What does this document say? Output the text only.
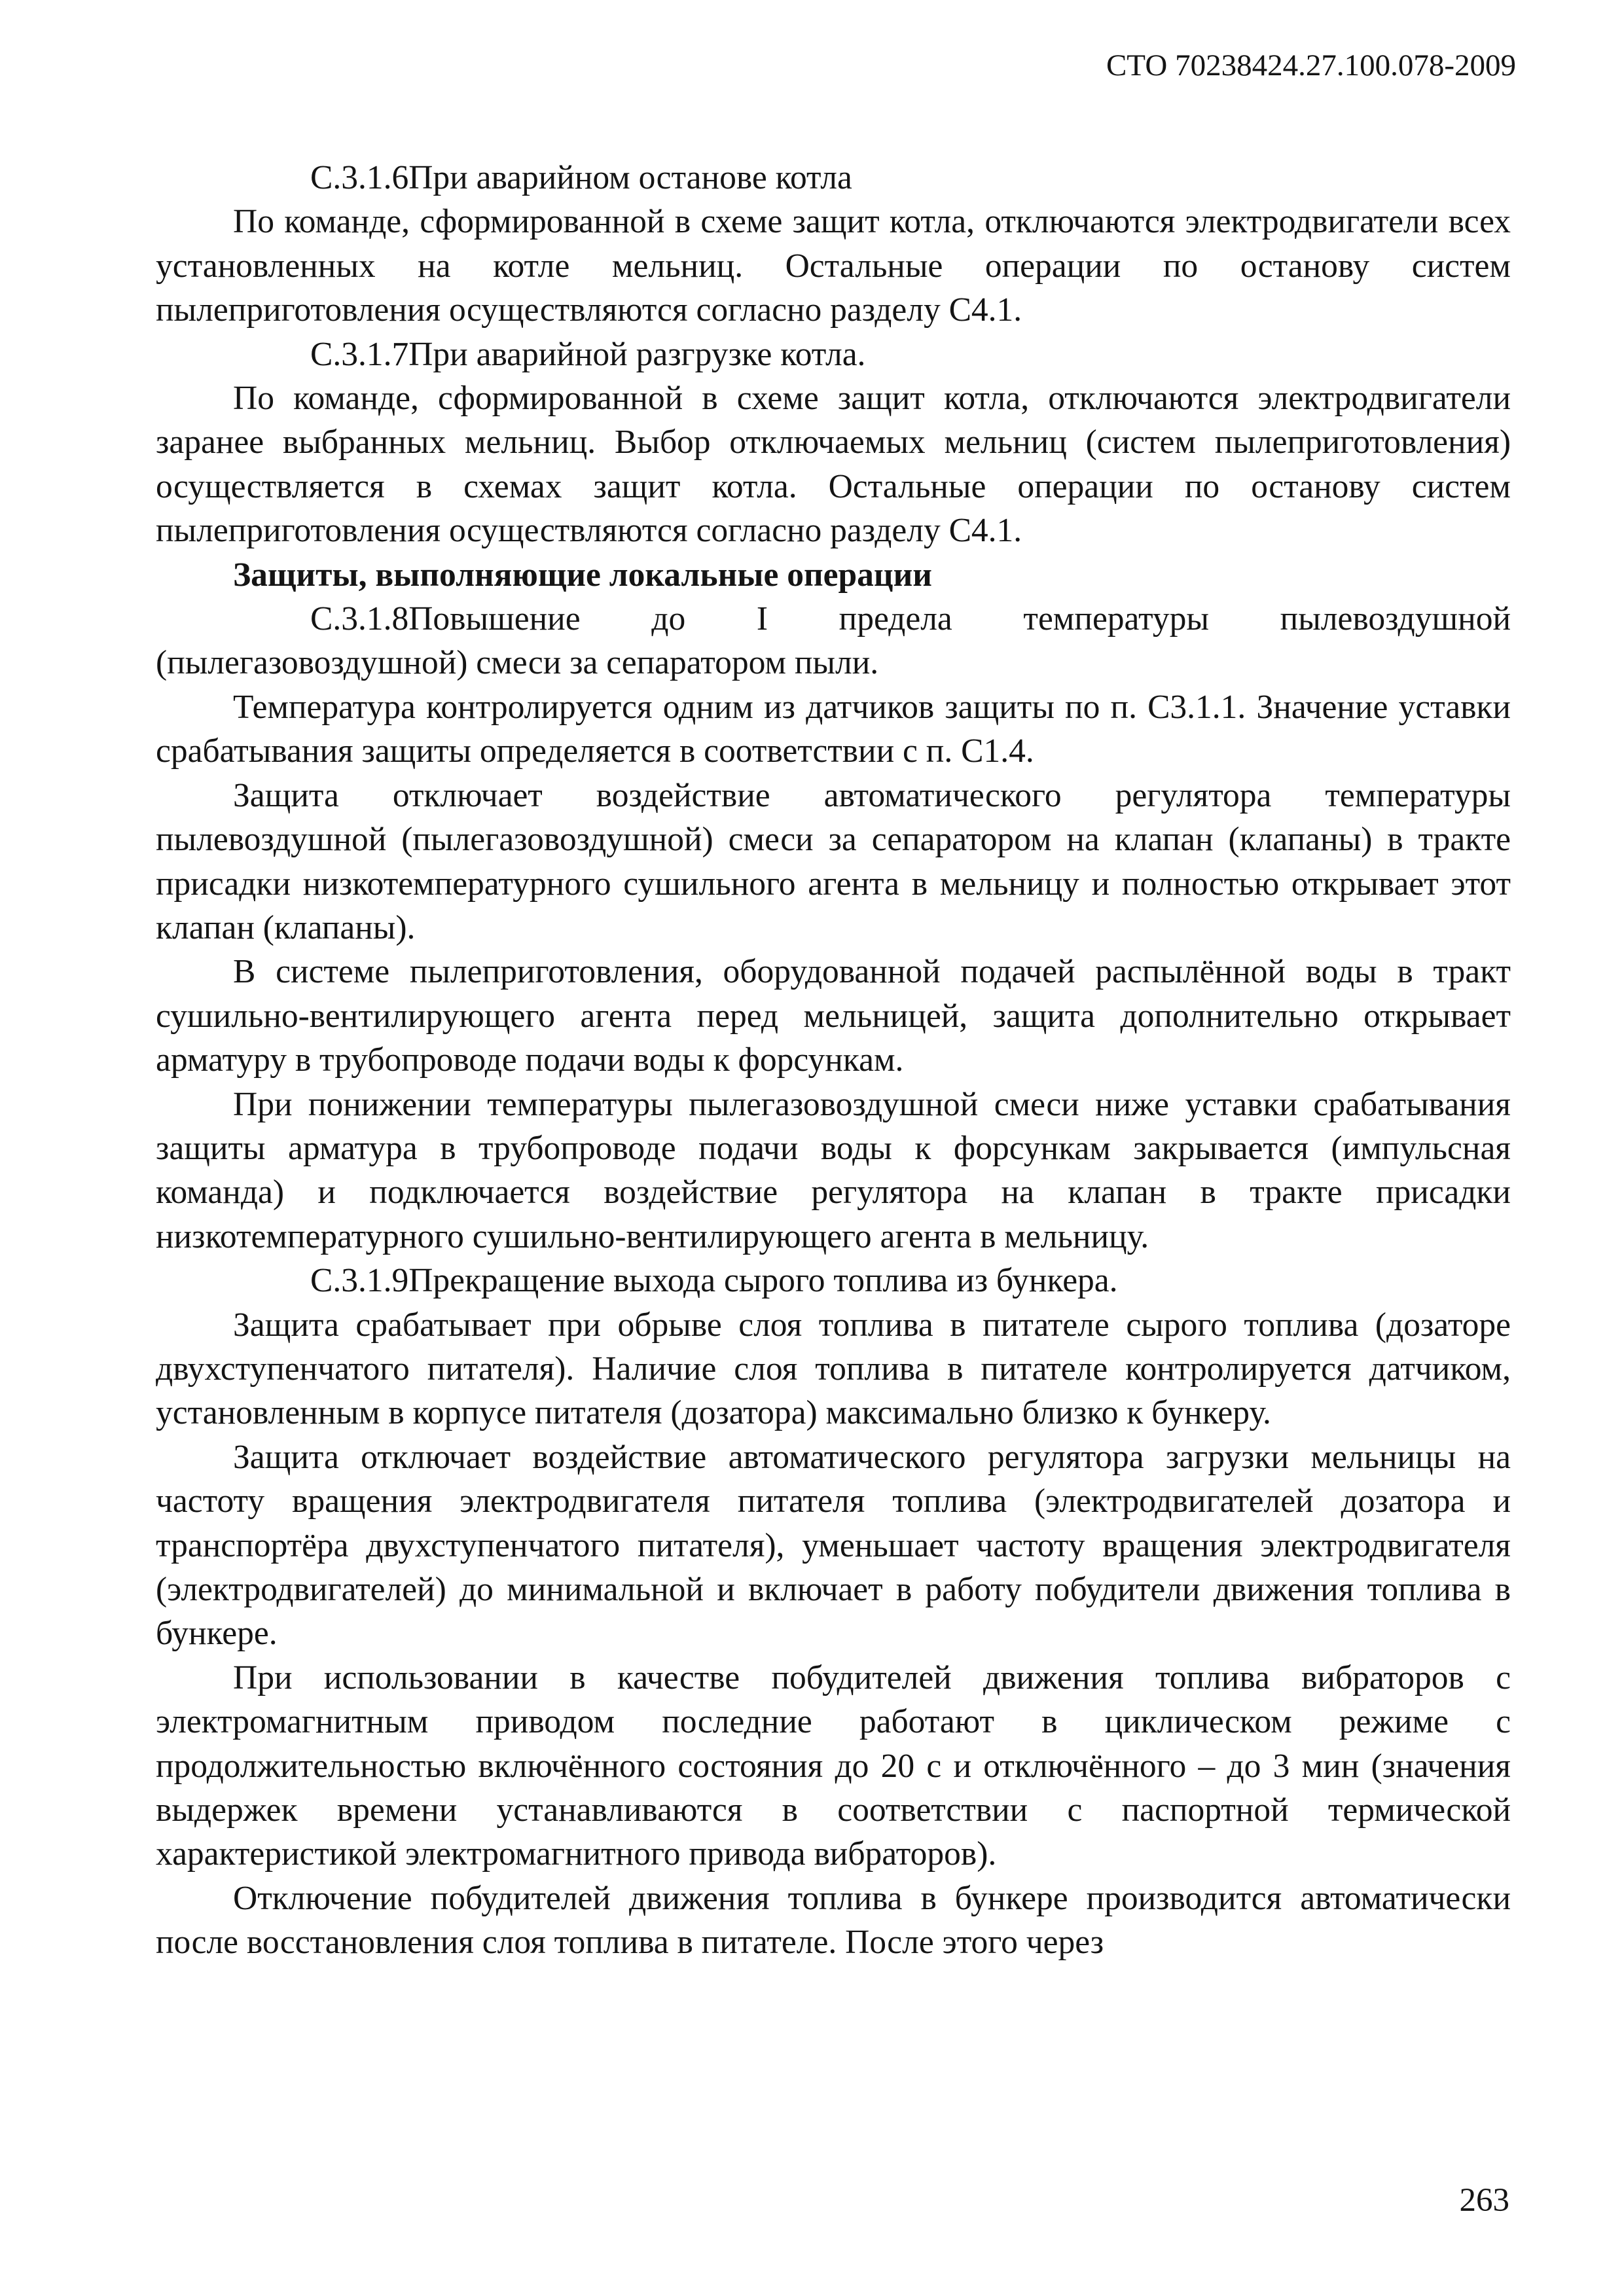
СТО 70238424.27.100.078-2009

С.3.1.6При аварийном останове котла

По команде, сформированной в схеме защит котла, отключаются электродвигатели всех установленных на котле мельниц. Остальные операции по останову систем пылеприготовления осуществляются согласно разделу С4.1.

С.3.1.7При аварийной разгрузке котла.

По команде, сформированной в схеме защит котла, отключаются электродвигатели заранее выбранных мельниц. Выбор отключаемых мельниц (систем пылеприготовления) осуществляется в схемах защит котла. Остальные операции по останову систем пылеприготовления осуществляются согласно разделу С4.1.

Защиты, выполняющие локальные операции

С.3.1.8Повышение до I предела температуры пылевоздушной (пылегазовоздушной) смеси за сепаратором пыли.

Температура контролируется одним из датчиков защиты по п. С3.1.1. Значение уставки срабатывания защиты определяется в соответствии с п. С1.4.

Защита отключает воздействие автоматического регулятора температуры пылевоздушной (пылегазовоздушной) смеси за сепаратором на клапан (клапаны) в тракте присадки низкотемпературного сушильного агента в мельницу и полностью открывает этот клапан (клапаны).

В системе пылеприготовления, оборудованной подачей распылённой воды в тракт сушильно-вентилирующего агента перед мельницей, защита дополнительно открывает арматуру в трубопроводе подачи воды к форсункам.

При понижении температуры пылегазовоздушной смеси ниже уставки срабатывания защиты арматура в трубопроводе подачи воды к форсункам закрывается (импульсная команда) и подключается воздействие регулятора на клапан в тракте присадки низкотемпературного сушильно-вентилирующего агента в мельницу.

С.3.1.9Прекращение выхода сырого топлива из бункера.

Защита срабатывает при обрыве слоя топлива в питателе сырого топлива (дозаторе двухступенчатого питателя). Наличие слоя топлива в питателе контролируется датчиком, установленным в корпусе питателя (дозатора) максимально близко к бункеру.

Защита отключает воздействие автоматического регулятора загрузки мельницы на частоту вращения электродвигателя питателя топлива (электродвигателей дозатора и транспортёра двухступенчатого питателя), уменьшает частоту вращения электродвигателя (электродвигателей) до минимальной и включает в работу побудители движения топлива в бункере.

При использовании в качестве побудителей движения топлива вибраторов с электромагнитным приводом последние работают в циклическом режиме с продолжительностью включённого состояния до 20 с и отключённого – до 3 мин (значения выдержек времени устанавливаются в соответствии с паспортной термической характеристикой электромагнитного привода вибраторов).

Отключение побудителей движения топлива в бункере производится автоматически после восстановления слоя топлива в питателе. После этого через

263
